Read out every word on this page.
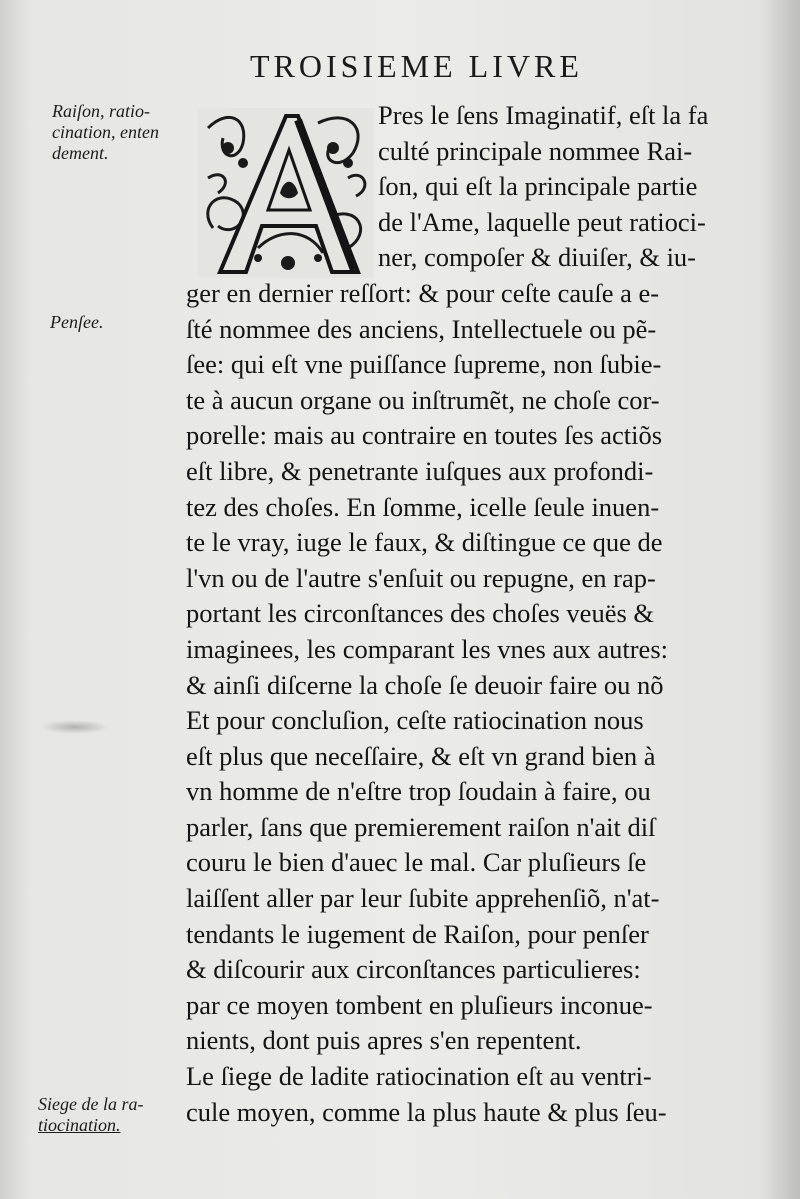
TROISIEME LIVRE
Raiſon, ratio-
cination, enten
dement.
Penſee.
Siege de la ra-
tiocination.
Pres le ſens Imaginatif, eſt la fa
culté principale nommee Rai-
ſon, qui eſt la principale partie
de l'Ame, laquelle peut ratioci-
ner, compoſer & diuiſer, & iu-
ger en dernier reſſort: & pour ceſte cauſe a e-
ſté nommee des anciens, Intellectuele ou pẽ-
ſee: qui eſt vne puiſſance ſupreme, non ſubie-
te à aucun organe ou inſtrumẽt, ne choſe cor-
porelle: mais au contraire en toutes ſes actiõs
eſt libre, & penetrante iuſques aux profondi-
tez des choſes. En ſomme, icelle ſeule inuen-
te le vray, iuge le faux, & diſtingue ce que de
l'vn ou de l'autre s'enſuit ou repugne, en rap-
portant les circonſtances des choſes veuës &
imaginees, les comparant les vnes aux autres:
& ainſi diſcerne la choſe ſe deuoir faire ou nõ
Et pour concluſion, ceſte ratiocination nous
eſt plus que neceſſaire, & eſt vn grand bien à
vn homme de n'eſtre trop ſoudain à faire, ou
parler, ſans que premierement raiſon n'ait diſ
couru le bien d'auec le mal. Car pluſieurs ſe
laiſſent aller par leur ſubite apprehenſiõ, n'at-
tendants le iugement de Raiſon, pour penſer
& diſcourir aux circonſtances particulieres:
par ce moyen tombent en pluſieurs inconue-
nients, dont puis apres s'en repentent.
Le ſiege de ladite ratiocination eſt au ventri-
cule moyen, comme la plus haute & plus ſeu-
